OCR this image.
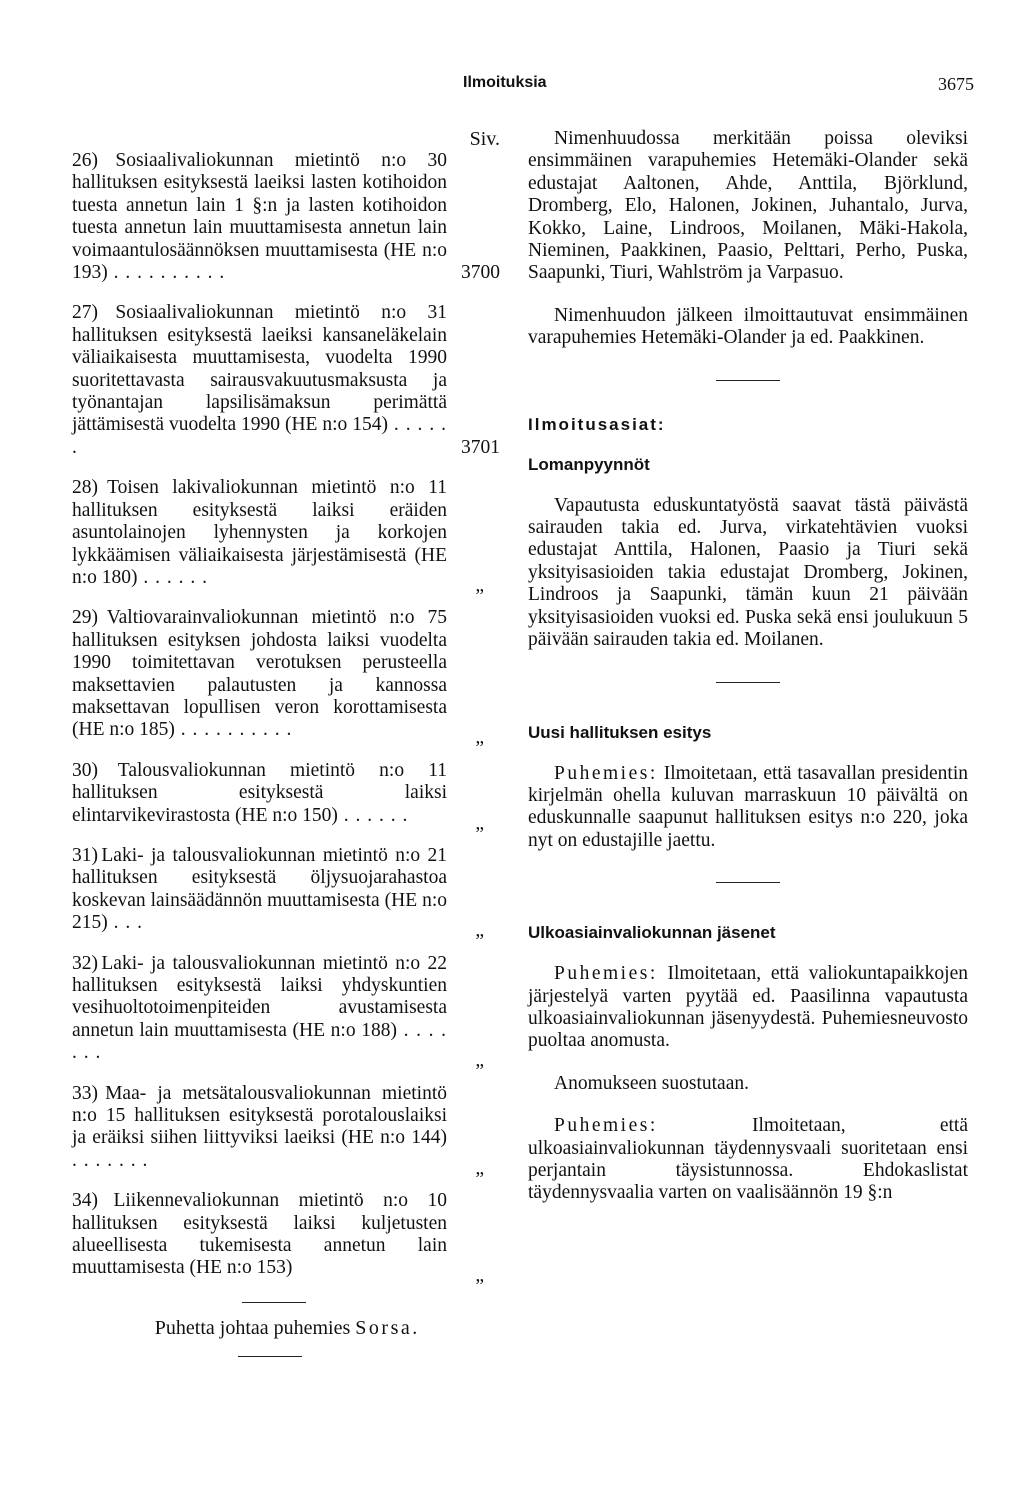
Ilmoituksia	3675
Siv.
26) Sosiaalivaliokunnan mietintö n:o 30 hallituksen esityksestä laeiksi lasten kotihoidon tuesta annetun lain 1 §:n ja lasten kotihoidon tuesta annetun lain muuttamisesta annetun lain voimaantulosäännöksen muuttamisesta (HE n:o 193) . . . . . . . . . .	3700
27) Sosiaalivaliokunnan mietintö n:o 31 hallituksen esityksestä laeiksi kansaneläkelain väliaikaisesta muuttamisesta, vuodelta 1990 suoritettavasta sairausvakuutusmaksusta ja työnantajan lapsilisämaksun perimättä jättämisestä vuodelta 1990 (HE n:o 154) . . . . . .	3701
28) Toisen lakivaliokunnan mietintö n:o 11 hallituksen esityksestä laiksi eräiden asuntolainojen lyhennysten ja korkojen lykkäämisen väliaikaisesta järjestämisestä (HE n:o 180) . . . . . .	„
29) Valtiovarainvaliokunnan mietintö n:o 75 hallituksen esityksen johdosta laiksi vuodelta 1990 toimitettavan verotuksen perusteella maksettavien palautusten ja kannossa maksettavan lopullisen veron korottamisesta (HE n:o 185) . . . . . . . . . .	„
30) Talousvaliokunnan mietintö n:o 11 hallituksen esityksestä laiksi elintarvikevirastosta (HE n:o 150) . . . . . .	„
31) Laki- ja talousvaliokunnan mietintö n:o 21 hallituksen esityksestä öljysuojarahastoa koskevan lainsäädännön muuttamisesta (HE n:o 215) . . .	„
32) Laki- ja talousvaliokunnan mietintö n:o 22 hallituksen esityksestä laiksi yhdyskuntien vesihuoltotoimenpiteiden avustamisesta annetun lain muuttamisesta (HE n:o 188) . . . . . . .	„
33) Maa- ja metsätalousvaliokunnan mietintö n:o 15 hallituksen esityksestä porotalouslaiksi ja eräiksi siihen liittyviksi laeiksi (HE n:o 144) . . . . . . .	„
34) Liikennevaliokunnan mietintö n:o 10 hallituksen esityksestä laiksi kuljetusten alueellisesta tukemisesta annetun lain muuttamisesta (HE n:o 153)	„
Puhetta johtaa puhemies Sorsa.

Nimenhuudossa merkitään poissa oleviksi ensimmäinen varapuhemies Hetemäki-Olander sekä edustajat Aaltonen, Ahde, Anttila, Björklund, Dromberg, Elo, Halonen, Jokinen, Juhantalo, Jurva, Kokko, Laine, Lindroos, Moilanen, Mäki-Hakola, Nieminen, Paakkinen, Paasio, Pelttari, Perho, Puska, Saapunki, Tiuri, Wahlström ja Varpasuo.

Nimenhuudon jälkeen ilmoittautuvat ensimmäinen varapuhemies Hetemäki-Olander ja ed. Paakkinen.

Ilmoitusasiat:

Lomanpyynnöt

Vapautusta eduskuntatyöstä saavat tästä päivästä sairauden takia ed. Jurva, virkatehtävien vuoksi edustajat Anttila, Halonen, Paasio ja Tiuri sekä yksityisasioiden takia edustajat Dromberg, Jokinen, Lindroos ja Saapunki, tämän kuun 21 päivään yksityisasioiden vuoksi ed. Puska sekä ensi joulukuun 5 päivään sairauden takia ed. Moilanen.

Uusi hallituksen esitys

Puhemies: Ilmoitetaan, että tasavallan presidentin kirjelmän ohella kuluvan marraskuun 10 päivältä on eduskunnalle saapunut hallituksen esitys n:o 220, joka nyt on edustajille jaettu.

Ulkoasiainvaliokunnan jäsenet

Puhemies: Ilmoitetaan, että valiokuntapaikkojen järjestelyä varten pyytää ed. Paasilinna vapautusta ulkoasiainvaliokunnan jäsenyydestä. Puhemiesneuvosto puoltaa anomusta.

Anomukseen suostutaan.

Puhemies: Ilmoitetaan, että ulkoasiainvaliokunnan täydennysvaali suoritetaan ensi perjantain täysistunnossa. Ehdokaslistat täydennysvaalia varten on vaalisäännön 19 §:n
